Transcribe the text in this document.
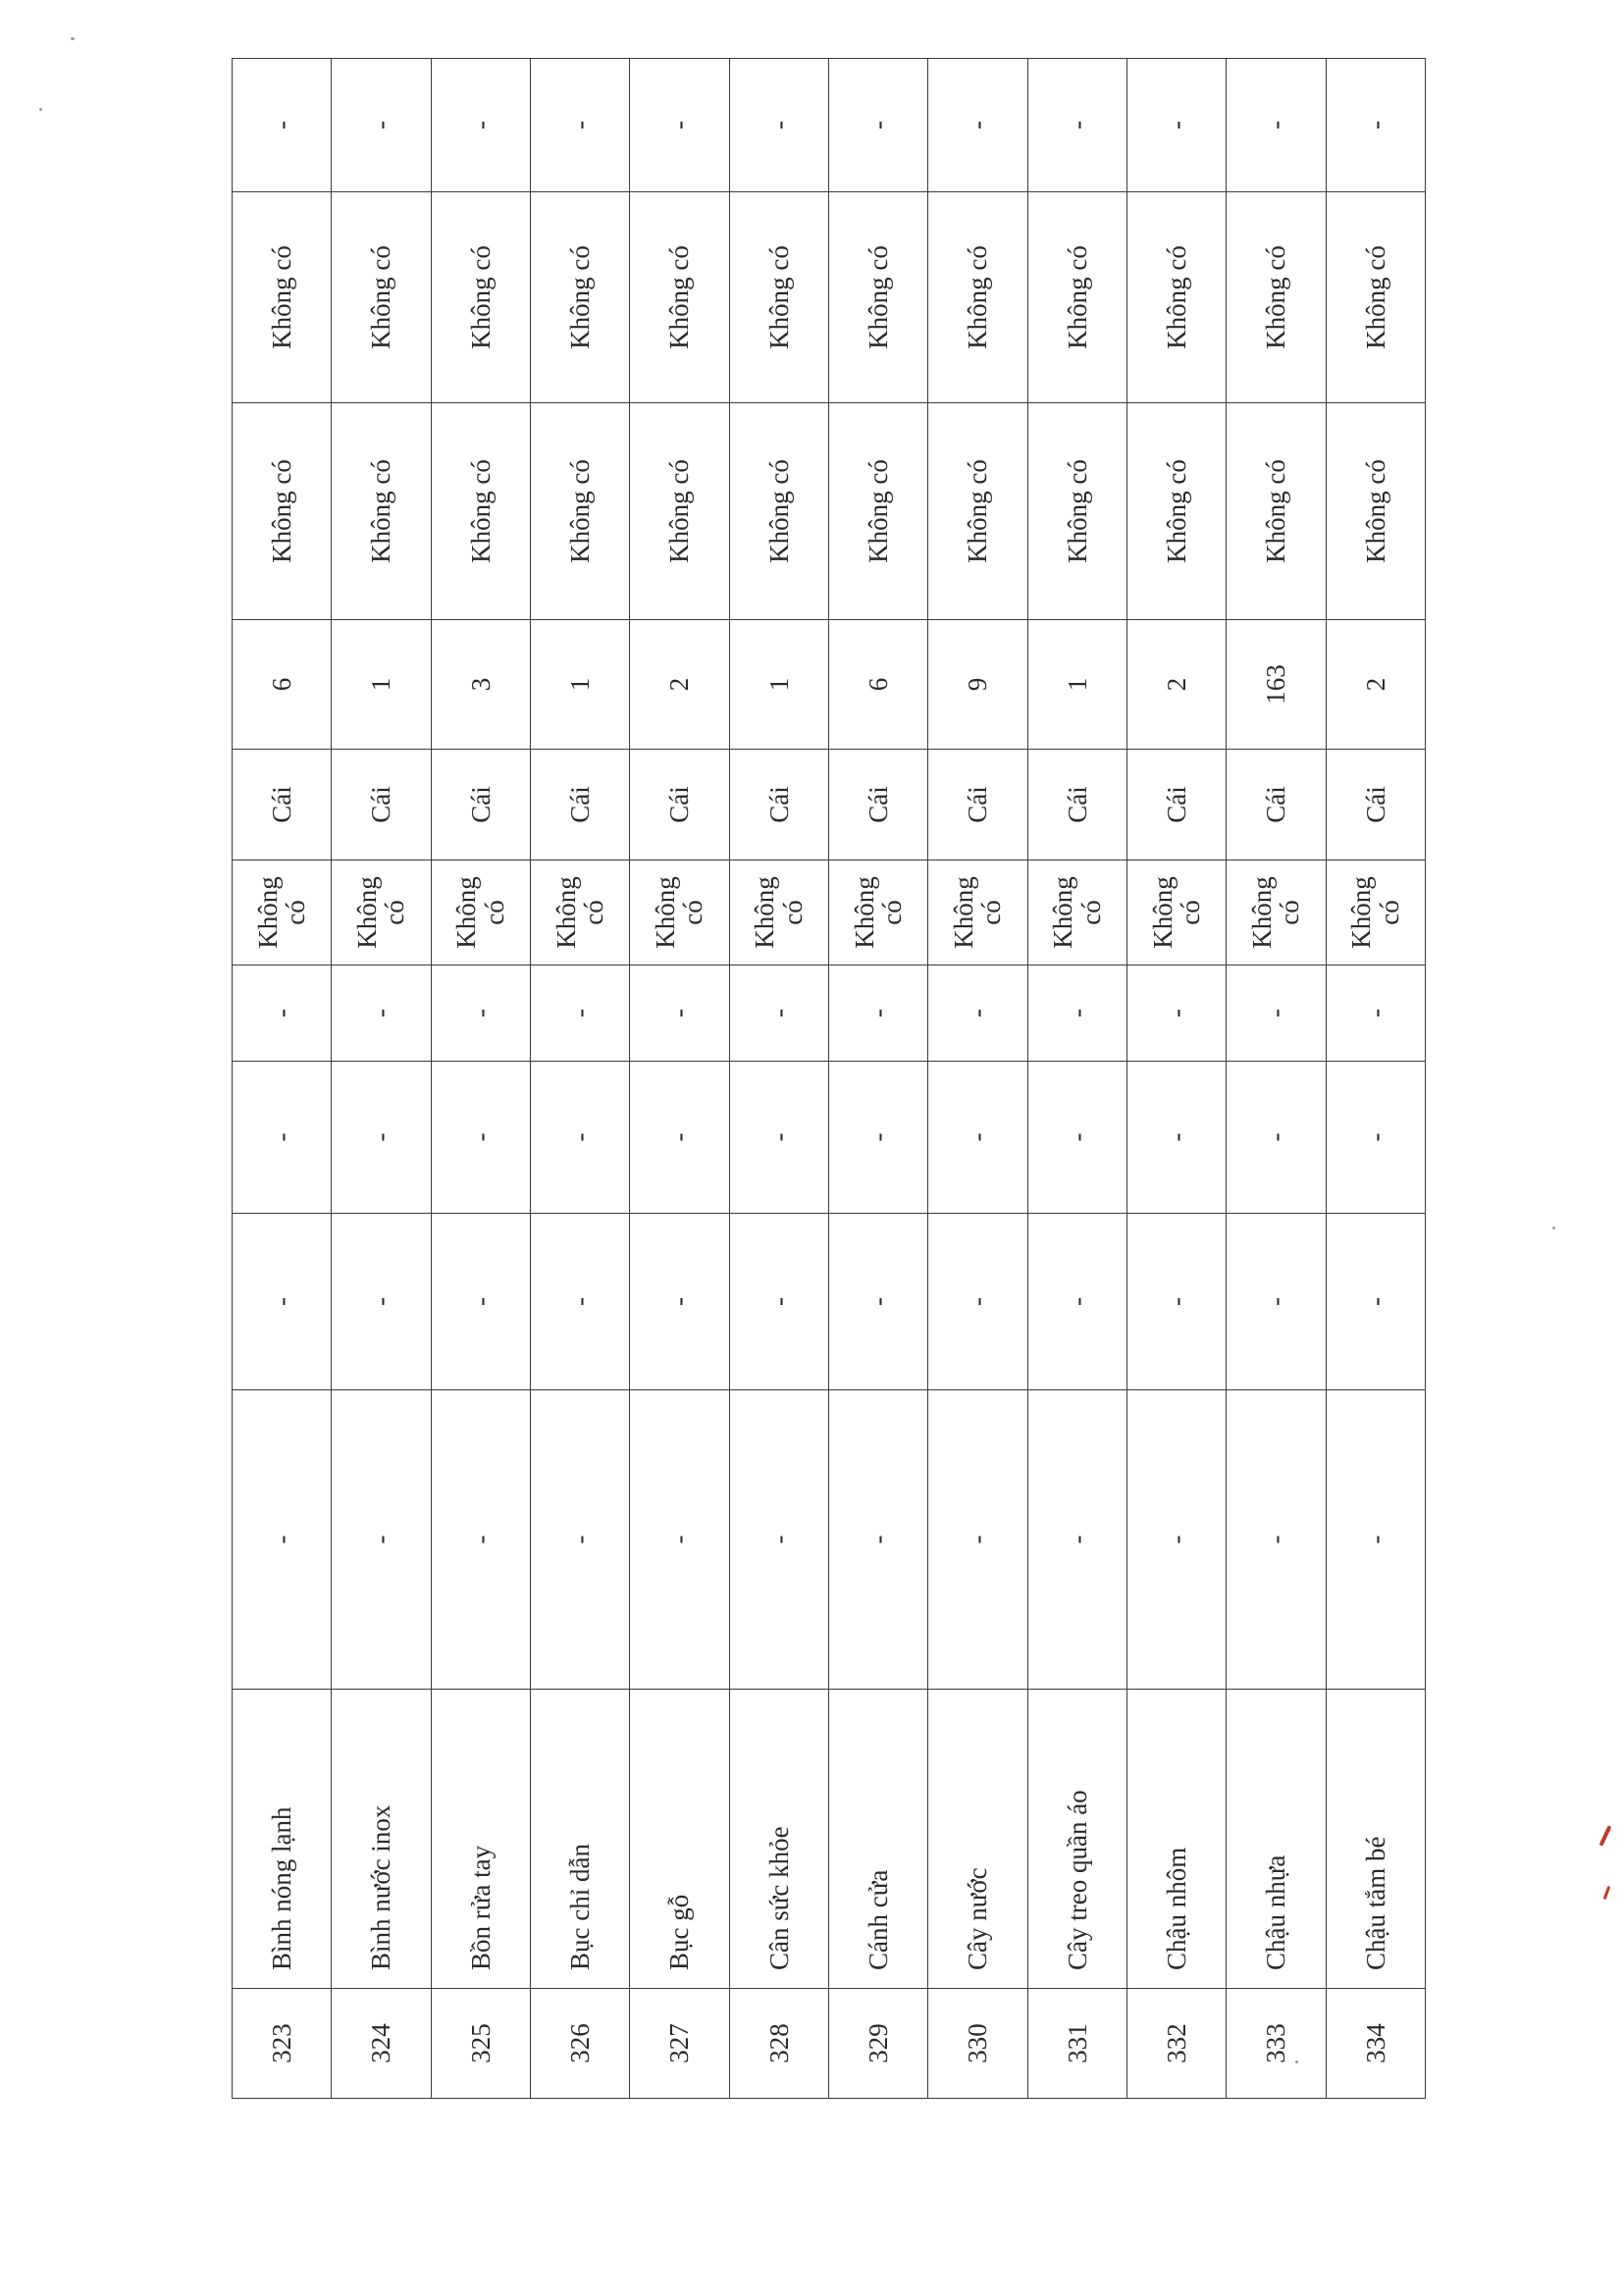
323	Bình nóng lạnh	-	-	-	-	Không có	Cái	6	Không có	Không có	-
324	Bình nước inox	-	-	-	-	Không có	Cái	1	Không có	Không có	-
325	Bồn rửa tay	-	-	-	-	Không có	Cái	3	Không có	Không có	-
326	Bục chỉ dẫn	-	-	-	-	Không có	Cái	1	Không có	Không có	-
327	Bục gỗ	-	-	-	-	Không có	Cái	2	Không có	Không có	-
328	Cân sức khỏe	-	-	-	-	Không có	Cái	1	Không có	Không có	-
329	Cánh cửa	-	-	-	-	Không có	Cái	6	Không có	Không có	-
330	Cây nước	-	-	-	-	Không có	Cái	9	Không có	Không có	-
331	Cây treo quần áo	-	-	-	-	Không có	Cái	1	Không có	Không có	-
332	Chậu nhôm	-	-	-	-	Không có	Cái	2	Không có	Không có	-
333	Chậu nhựa	-	-	-	-	Không có	Cái	163	Không có	Không có	-
334	Chậu tắm bé	-	-	-	-	Không có	Cái	2	Không có	Không có	-
